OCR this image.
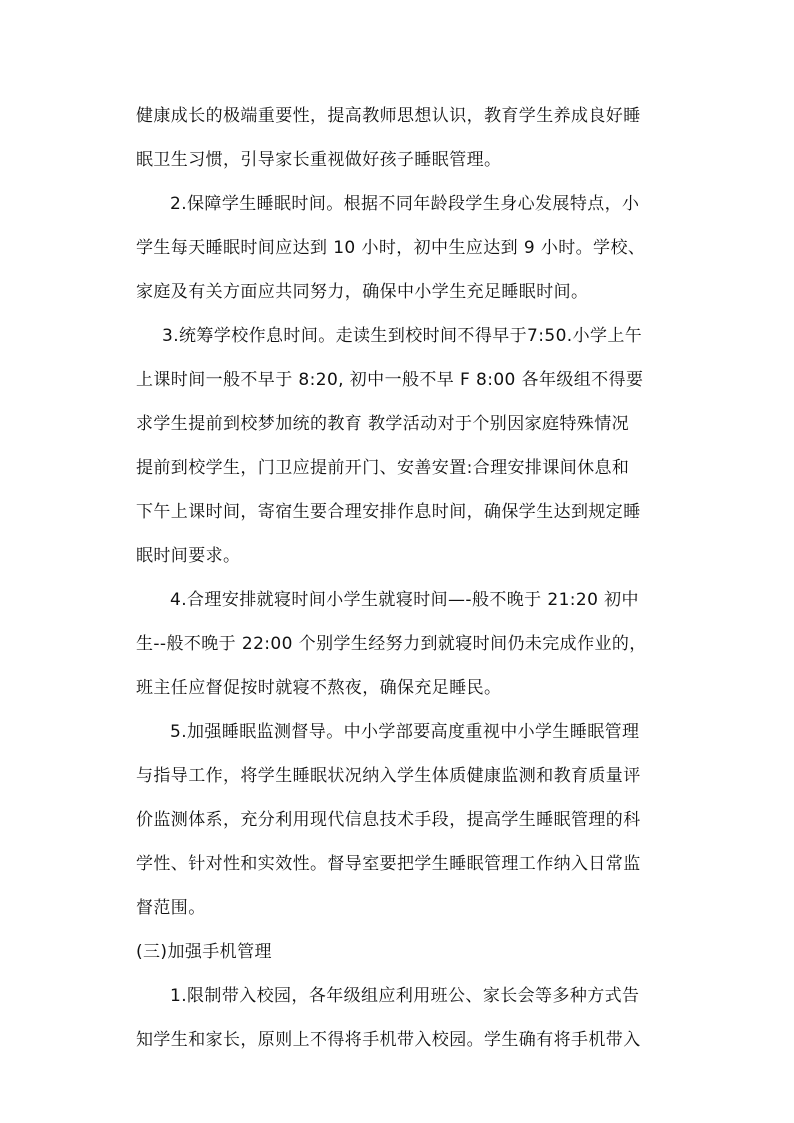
健康成长的极端重要性，提高教师思想认识，教育学生养成良好睡
眠卫生习惯，引导家长重视做好孩子睡眠管理。
2.保障学生睡眠时间。根据不同年龄段学生身心发展特点，小
学生每天睡眠时间应达到 10 小时，初中生应达到 9 小时。学校、
家庭及有关方面应共同努力，确保中小学生充足睡眠时间。
3.统筹学校作息时间。走读生到校时间不得早于7:50.小学上午
上课时间一般不早于 8:20, 初中一般不早 F 8:00 各年级组不得要
求学生提前到校梦加统的教育 教学活动对于个别因家庭特殊情况
提前到校学生，门卫应提前开门、安善安置:合理安排课间休息和
下午上课时间，寄宿生要合理安排作息时间，确保学生达到规定睡
眠时间要求。
4.合理安排就寝时间小学生就寝时间—-般不晚于 21:20 初中
生--般不晚于 22:00 个别学生经努力到就寝时间仍未完成作业的，
班主任应督促按时就寝不熬夜，确保充足睡民。
5.加强睡眠监测督导。中小学部要高度重视中小学生睡眠管理
与指导工作，将学生睡眠状况纳入学生体质健康监测和教育质量评
价监测体系，充分利用现代信息技术手段，提高学生睡眠管理的科
学性、针对性和实效性。督导室要把学生睡眠管理工作纳入日常监
督范围。
(三)加强手机管理
1.限制带入校园，各年级组应利用班公、家长会等多种方式告
知学生和家长，原则上不得将手机带入校园。学生确有将手机带入
